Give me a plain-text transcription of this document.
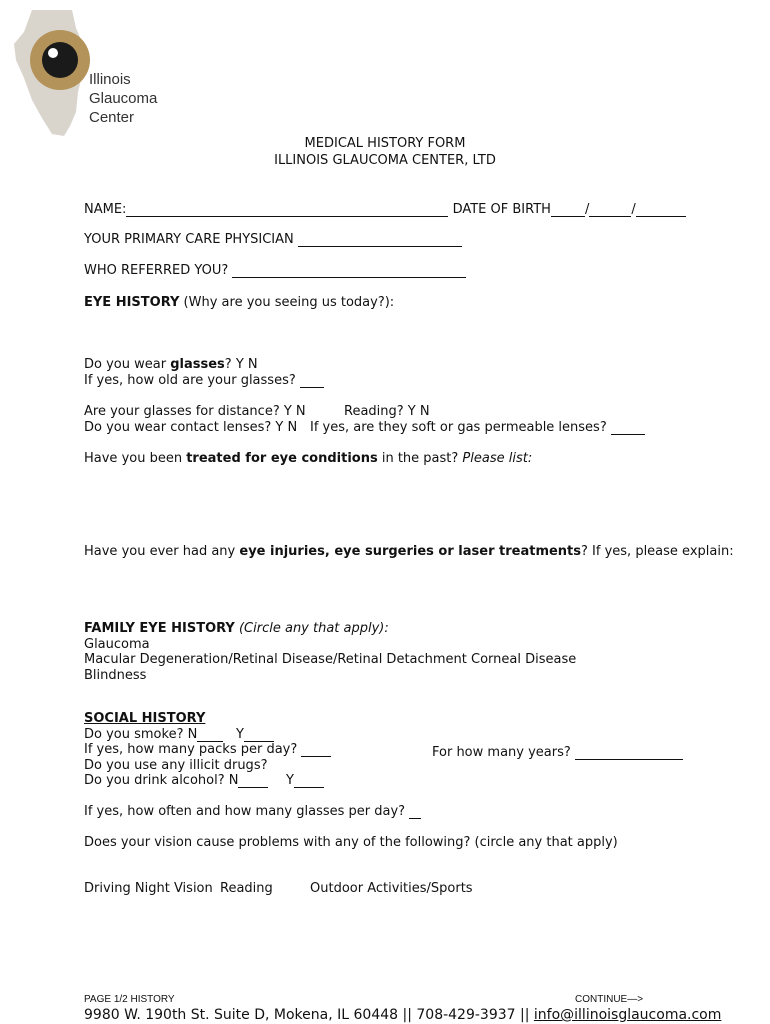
Illinois
Glaucoma
Center
MEDICAL HISTORY FORM
ILLINOIS GLAUCOMA CENTER, LTD
NAME:	DATE OF BIRTH	/	/
YOUR PRIMARY CARE PHYSICIAN
WHO REFERRED YOU?
EYE HISTORY (Why are you seeing us today?):
Do you wear glasses? Y N
If yes, how old are your glasses?
Are your glasses for distance? Y N	Reading? Y N
Do you wear contact lenses? Y N If yes, are they soft or gas permeable lenses?
Have you been treated for eye conditions in the past? Please list:
Have you ever had any eye injuries, eye surgeries or laser treatments? If yes, please explain:
FAMILY EYE HISTORY (Circle any that apply):
Glaucoma
Macular Degeneration/Retinal Disease/Retinal Detachment Corneal Disease
Blindness
SOCIAL HISTORY
Do you smoke? N	Y
If yes, how many packs per day?	For how many years?
Do you use any illicit drugs?
Do you drink alcohol? N	Y
If yes, how often and how many glasses per day?
Does your vision cause problems with any of the following? (circle any that apply)
Driving Night Vision Reading	Outdoor Activities/Sports
PAGE 1/2 HISTORY	CONTINUE—>
9980 W. 190th St. Suite D, Mokena, IL 60448 || 708-429-3937 || info@illinoisglaucoma.com
